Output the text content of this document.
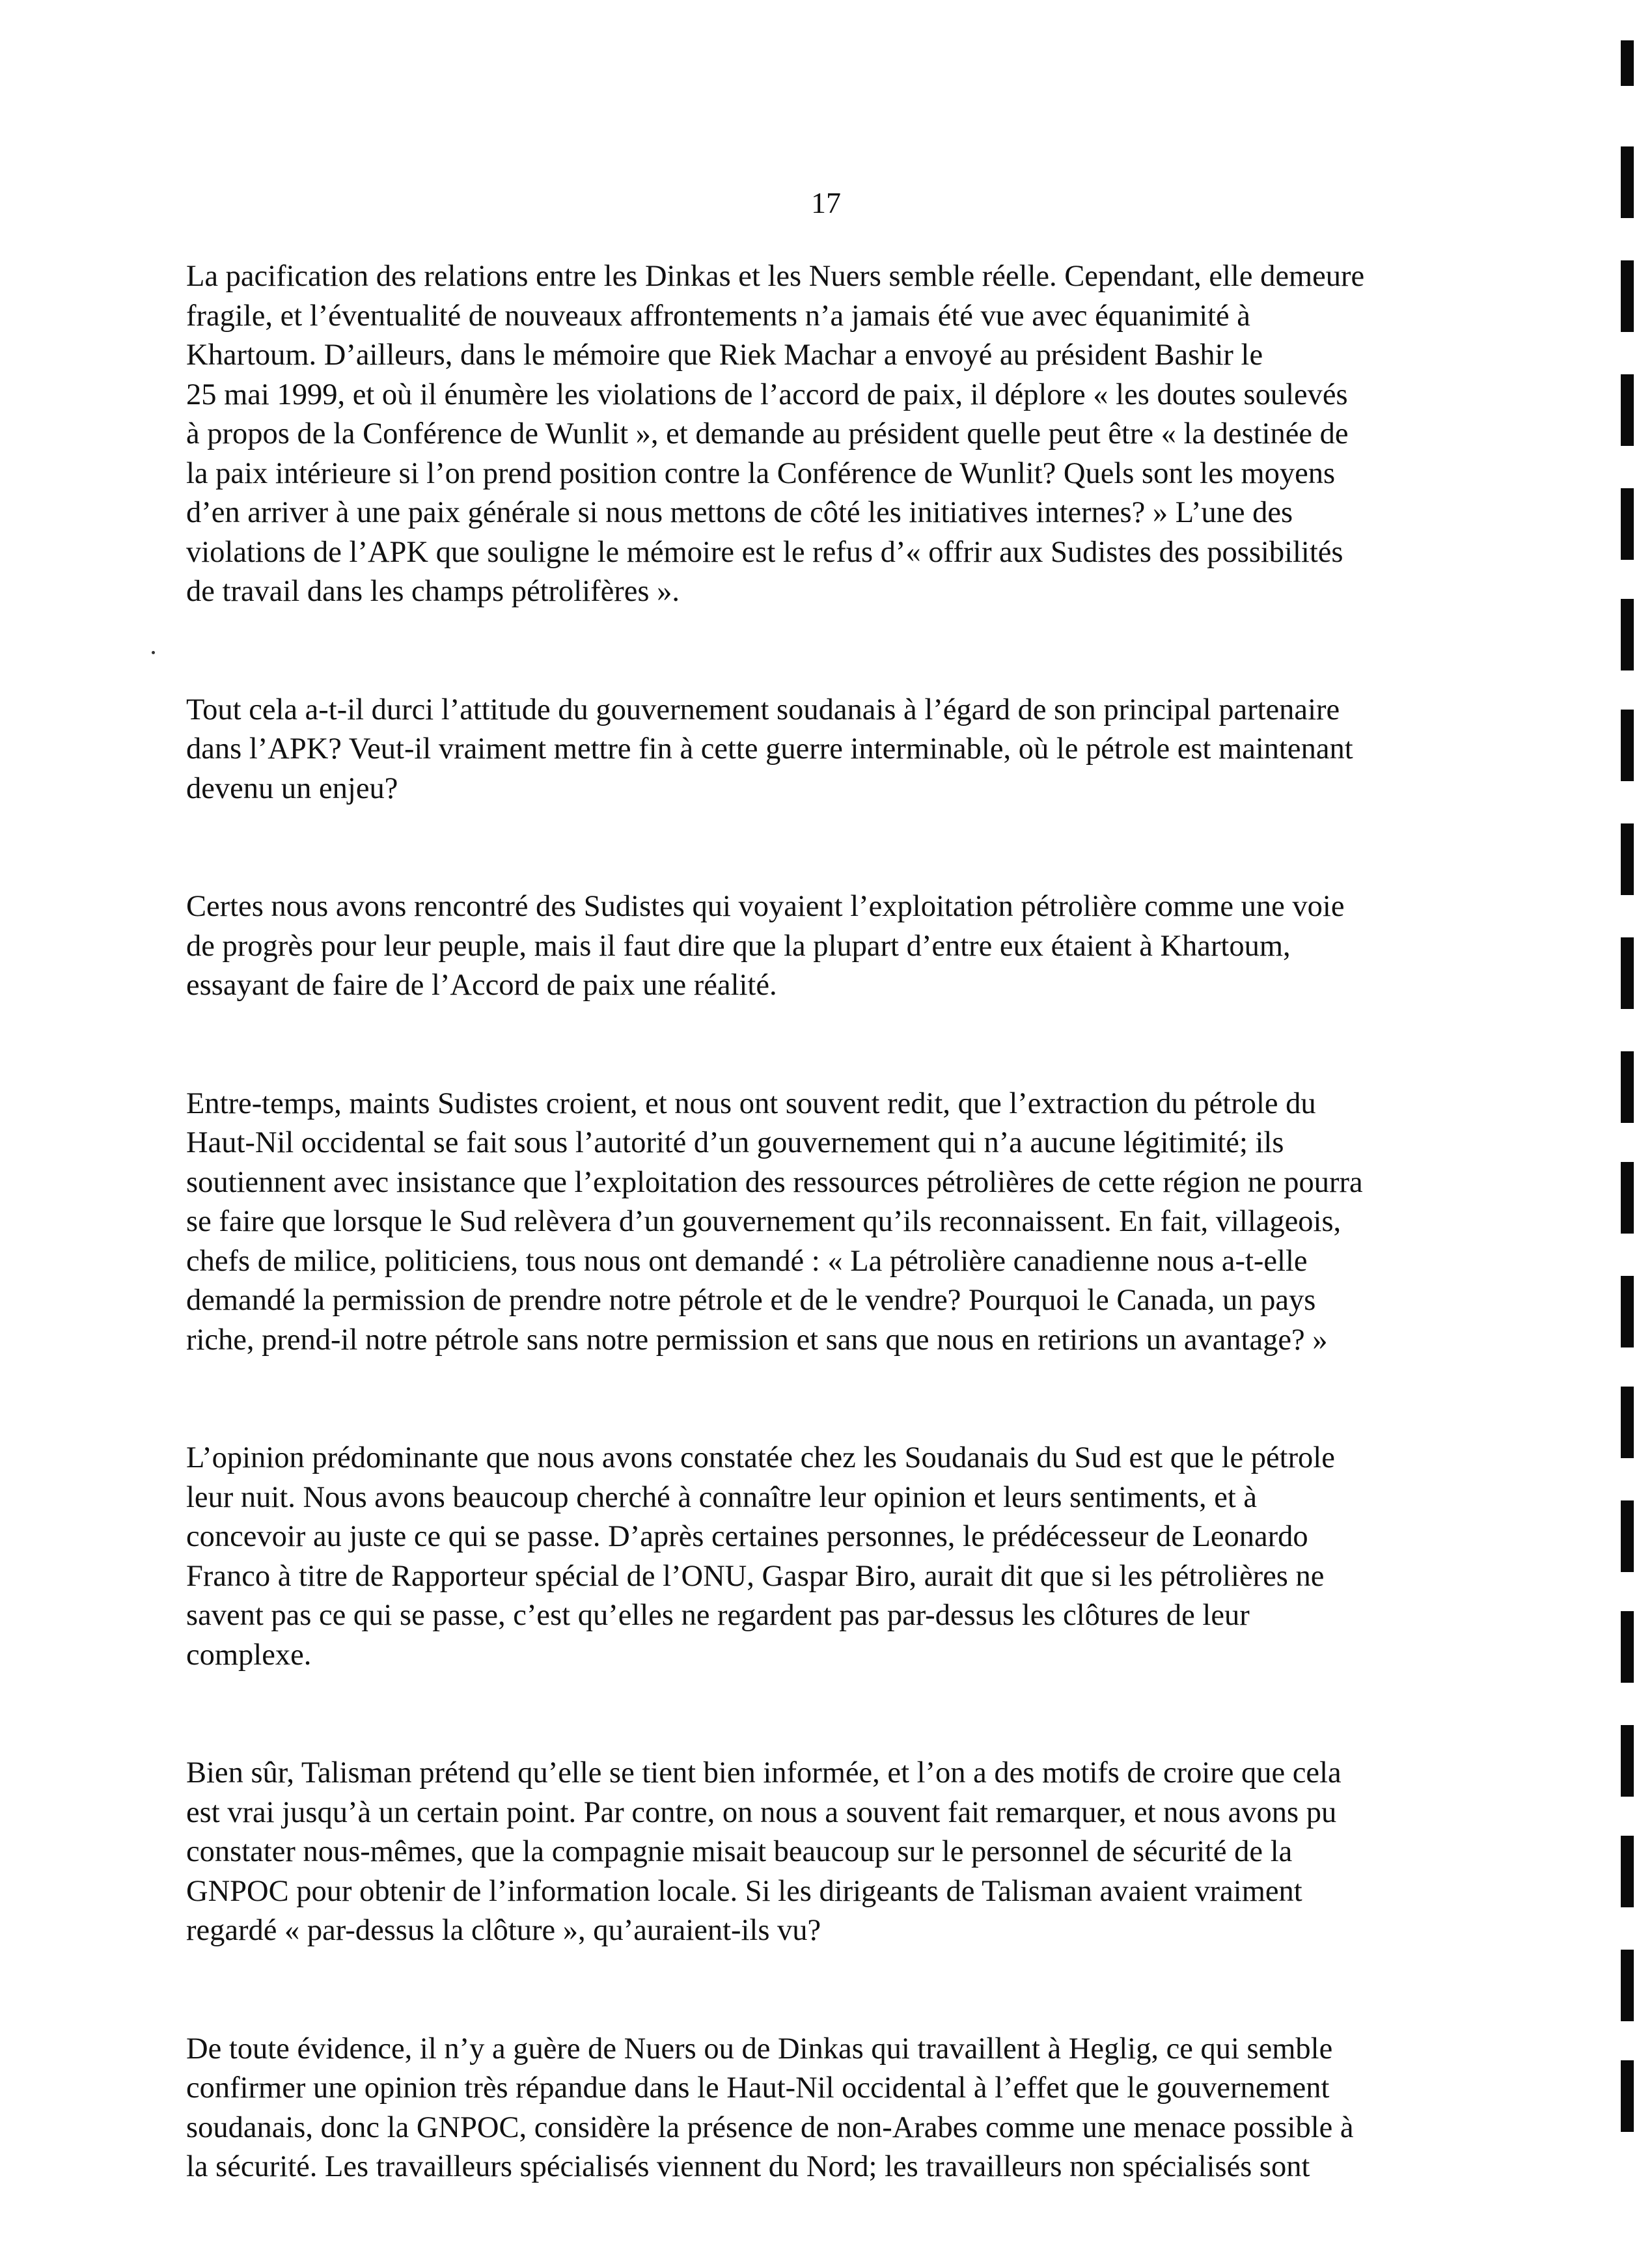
17
La pacification des relations entre les Dinkas et les Nuers semble réelle. Cependant, elle demeure
fragile, et l’éventualité de nouveaux affrontements n’a jamais été vue avec équanimité à
Khartoum. D’ailleurs, dans le mémoire que Riek Machar a envoyé au président Bashir le
25 mai 1999, et où il énumère les violations de l’accord de paix, il déplore « les doutes soulevés
à propos de la Conférence de Wunlit », et demande au président quelle peut être « la destinée de
la paix intérieure si l’on prend position contre la Conférence de Wunlit? Quels sont les moyens
d’en arriver à une paix générale si nous mettons de côté les initiatives internes? » L’une des
violations de l’APK que souligne le mémoire est le refus d’« offrir aux Sudistes des possibilités
de travail dans les champs pétrolifères ».
Tout cela a-t-il durci l’attitude du gouvernement soudanais à l’égard de son principal partenaire
dans l’APK? Veut-il vraiment mettre fin à cette guerre interminable, où le pétrole est maintenant
devenu un enjeu?
Certes nous avons rencontré des Sudistes qui voyaient l’exploitation pétrolière comme une voie
de progrès pour leur peuple, mais il faut dire que la plupart d’entre eux étaient à Khartoum,
essayant de faire de l’Accord de paix une réalité.
Entre-temps, maints Sudistes croient, et nous ont souvent redit, que l’extraction du pétrole du
Haut-Nil occidental se fait sous l’autorité d’un gouvernement qui n’a aucune légitimité; ils
soutiennent avec insistance que l’exploitation des ressources pétrolières de cette région ne pourra
se faire que lorsque le Sud relèvera d’un gouvernement qu’ils reconnaissent. En fait, villageois,
chefs de milice, politiciens, tous nous ont demandé : « La pétrolière canadienne nous a-t-elle
demandé la permission de prendre notre pétrole et de le vendre? Pourquoi le Canada, un pays
riche, prend-il notre pétrole sans notre permission et sans que nous en retirions un avantage? »
L’opinion prédominante que nous avons constatée chez les Soudanais du Sud est que le pétrole
leur nuit. Nous avons beaucoup cherché à connaître leur opinion et leurs sentiments, et à
concevoir au juste ce qui se passe. D’après certaines personnes, le prédécesseur de Leonardo
Franco à titre de Rapporteur spécial de l’ONU, Gaspar Biro, aurait dit que si les pétrolières ne
savent pas ce qui se passe, c’est qu’elles ne regardent pas par-dessus les clôtures de leur
complexe.
Bien sûr, Talisman prétend qu’elle se tient bien informée, et l’on a des motifs de croire que cela
est vrai jusqu’à un certain point. Par contre, on nous a souvent fait remarquer, et nous avons pu
constater nous-mêmes, que la compagnie misait beaucoup sur le personnel de sécurité de la
GNPOC pour obtenir de l’information locale. Si les dirigeants de Talisman avaient vraiment
regardé « par-dessus la clôture », qu’auraient-ils vu?
De toute évidence, il n’y a guère de Nuers ou de Dinkas qui travaillent à Heglig, ce qui semble
confirmer une opinion très répandue dans le Haut-Nil occidental à l’effet que le gouvernement
soudanais, donc la GNPOC, considère la présence de non-Arabes comme une menace possible à
la sécurité. Les travailleurs spécialisés viennent du Nord; les travailleurs non spécialisés sont
